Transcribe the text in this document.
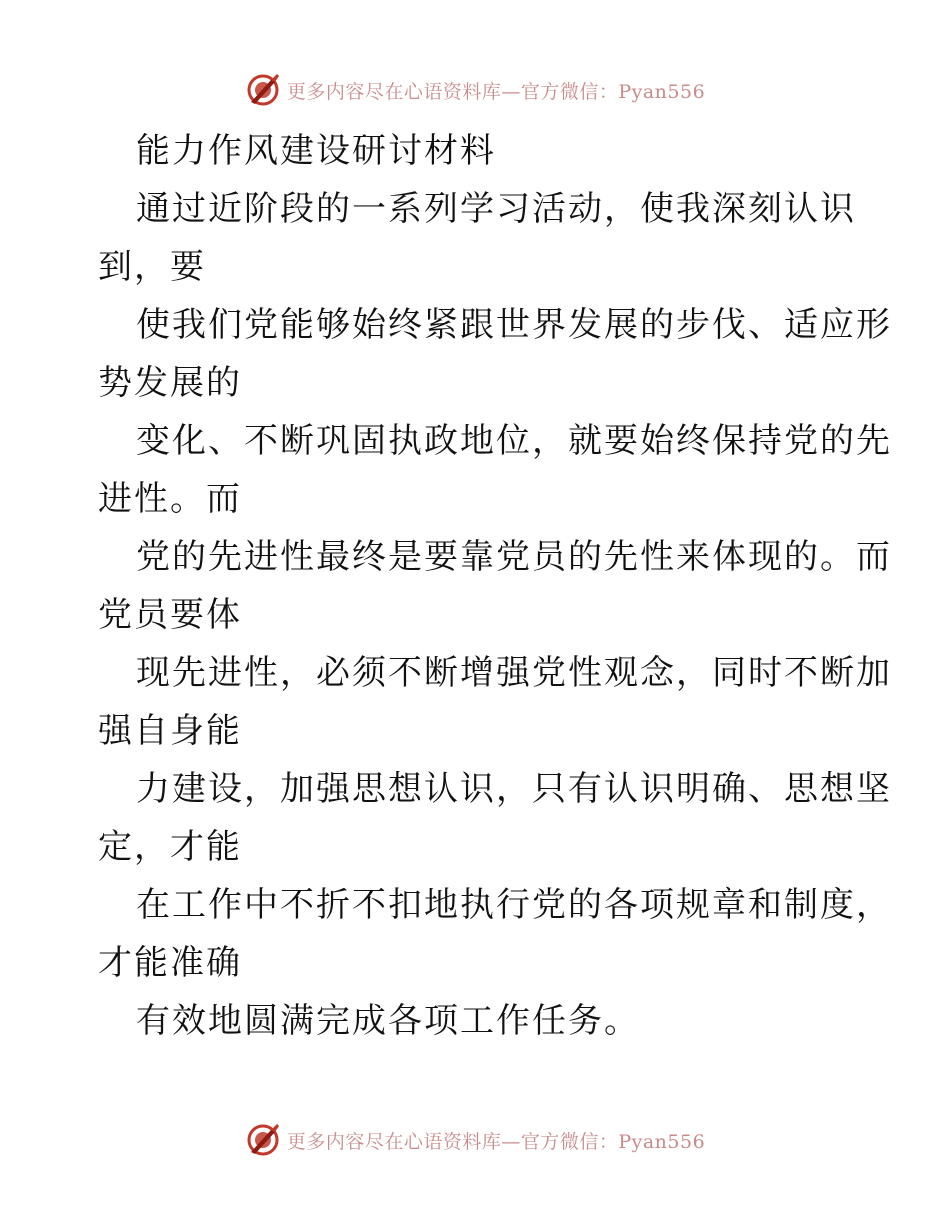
更多内容尽在心语资料库—官方微信：Pyan556
能力作风建设研讨材料
通过近阶段的一系列学习活动，使我深刻认识
到，要
使我们党能够始终紧跟世界发展的步伐、适应形
势发展的
变化、不断巩固执政地位，就要始终保持党的先
进性。而
党的先进性最终是要靠党员的先性来体现的。而
党员要体
现先进性，必须不断增强党性观念，同时不断加
强自身能
力建设，加强思想认识，只有认识明确、思想坚
定，才能
在工作中不折不扣地执行党的各项规章和制度，
才能准确
有效地圆满完成各项工作任务。
更多内容尽在心语资料库—官方微信：Pyan556
